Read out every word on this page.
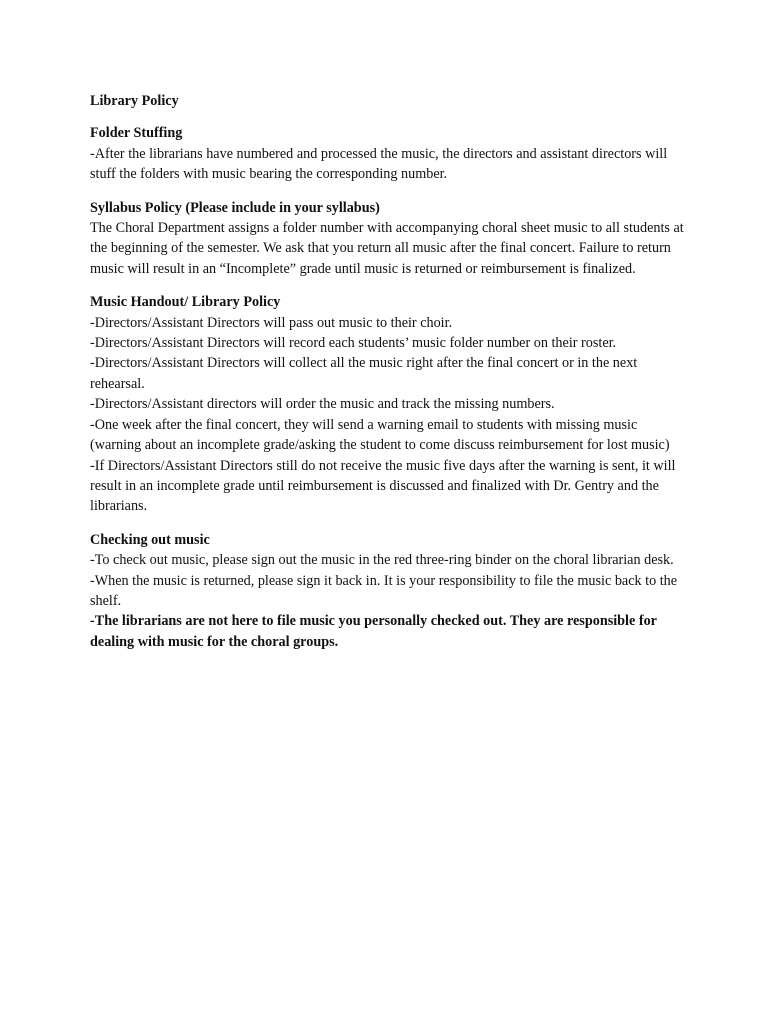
Library Policy
Folder Stuffing
-After the librarians have numbered and processed the music, the directors and assistant directors will stuff the folders with music bearing the corresponding number.
Syllabus Policy (Please include in your syllabus)
The Choral Department assigns a folder number with accompanying choral sheet music to all students at the beginning of the semester. We ask that you return all music after the final concert. Failure to return music will result in an “Incomplete” grade until music is returned or reimbursement is finalized.
Music Handout/ Library Policy
-Directors/Assistant Directors will pass out music to their choir.
-Directors/Assistant Directors will record each students’ music folder number on their roster.
-Directors/Assistant Directors will collect all the music right after the final concert or in the next rehearsal.
-Directors/Assistant directors will order the music and track the missing numbers.
-One week after the final concert, they will send a warning email to students with missing music (warning about an incomplete grade/asking the student to come discuss reimbursement for lost music)
-If Directors/Assistant Directors still do not receive the music five days after the warning is sent, it will result in an incomplete grade until reimbursement is discussed and finalized with Dr. Gentry and the librarians.
Checking out music
-To check out music, please sign out the music in the red three-ring binder on the choral librarian desk.
-When the music is returned, please sign it back in. It is your responsibility to file the music back to the shelf.
-The librarians are not here to file music you personally checked out. They are responsible for dealing with music for the choral groups.
